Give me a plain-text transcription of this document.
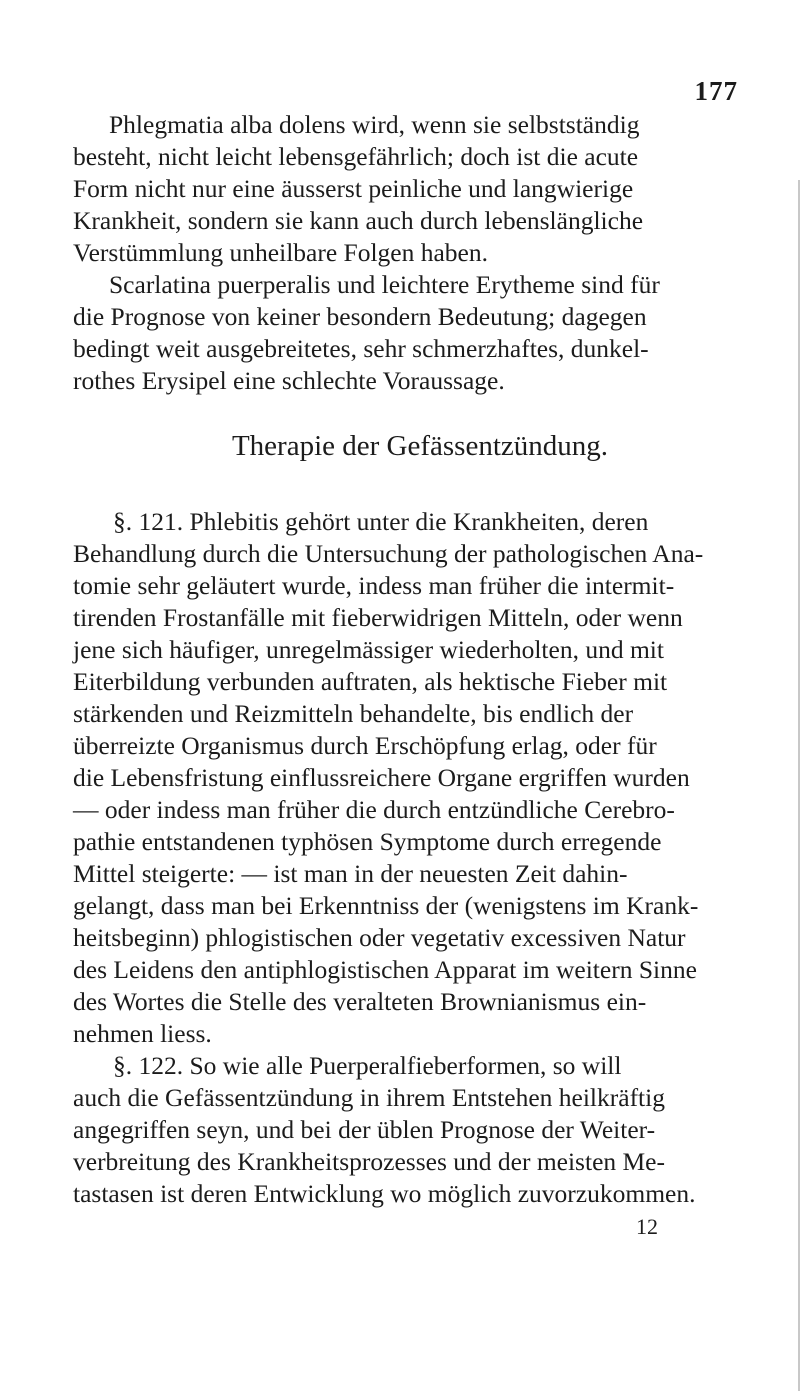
177
Phlegmatia alba dolens wird, wenn sie selbstständig
besteht, nicht leicht lebensgefährlich; doch ist die acute
Form nicht nur eine äusserst peinliche und langwierige
Krankheit, sondern sie kann auch durch lebenslängliche
Verstümmlung unheilbare Folgen haben.
Scarlatina puerperalis und leichtere Erytheme sind für
die Prognose von keiner besondern Bedeutung; dagegen
bedingt weit ausgebreitetes, sehr schmerzhaftes, dunkel-
rothes Erysipel eine schlechte Voraussage.
Therapie der Gefässentzündung.
§. 121. Phlebitis gehört unter die Krankheiten, deren
Behandlung durch die Untersuchung der pathologischen Ana-
tomie sehr geläutert wurde, indess man früher die intermit-
tirenden Frostanfälle mit fieberwidrigen Mitteln, oder wenn
jene sich häufiger, unregelmässiger wiederholten, und mit
Eiterbildung verbunden auftraten, als hektische Fieber mit
stärkenden und Reizmitteln behandelte, bis endlich der
überreizte Organismus durch Erschöpfung erlag, oder für
die Lebensfristung einflussreichere Organe ergriffen wurden
— oder indess man früher die durch entzündliche Cerebro-
pathie entstandenen typhösen Symptome durch erregende
Mittel steigerte: — ist man in der neuesten Zeit dahin-
gelangt, dass man bei Erkenntniss der (wenigstens im Krank-
heitsbeginn) phlogistischen oder vegetativ excessiven Natur
des Leidens den antiphlogistischen Apparat im weitern Sinne
des Wortes die Stelle des veralteten Brownianismus ein-
nehmen liess.
§. 122. So wie alle Puerperalfieberformen, so will
auch die Gefässentzündung in ihrem Entstehen heilkräftig
angegriffen seyn, und bei der üblen Prognose der Weiter-
verbreitung des Krankheitsprozesses und der meisten Me-
tastasen ist deren Entwicklung wo möglich zuvorzukommen.
12
